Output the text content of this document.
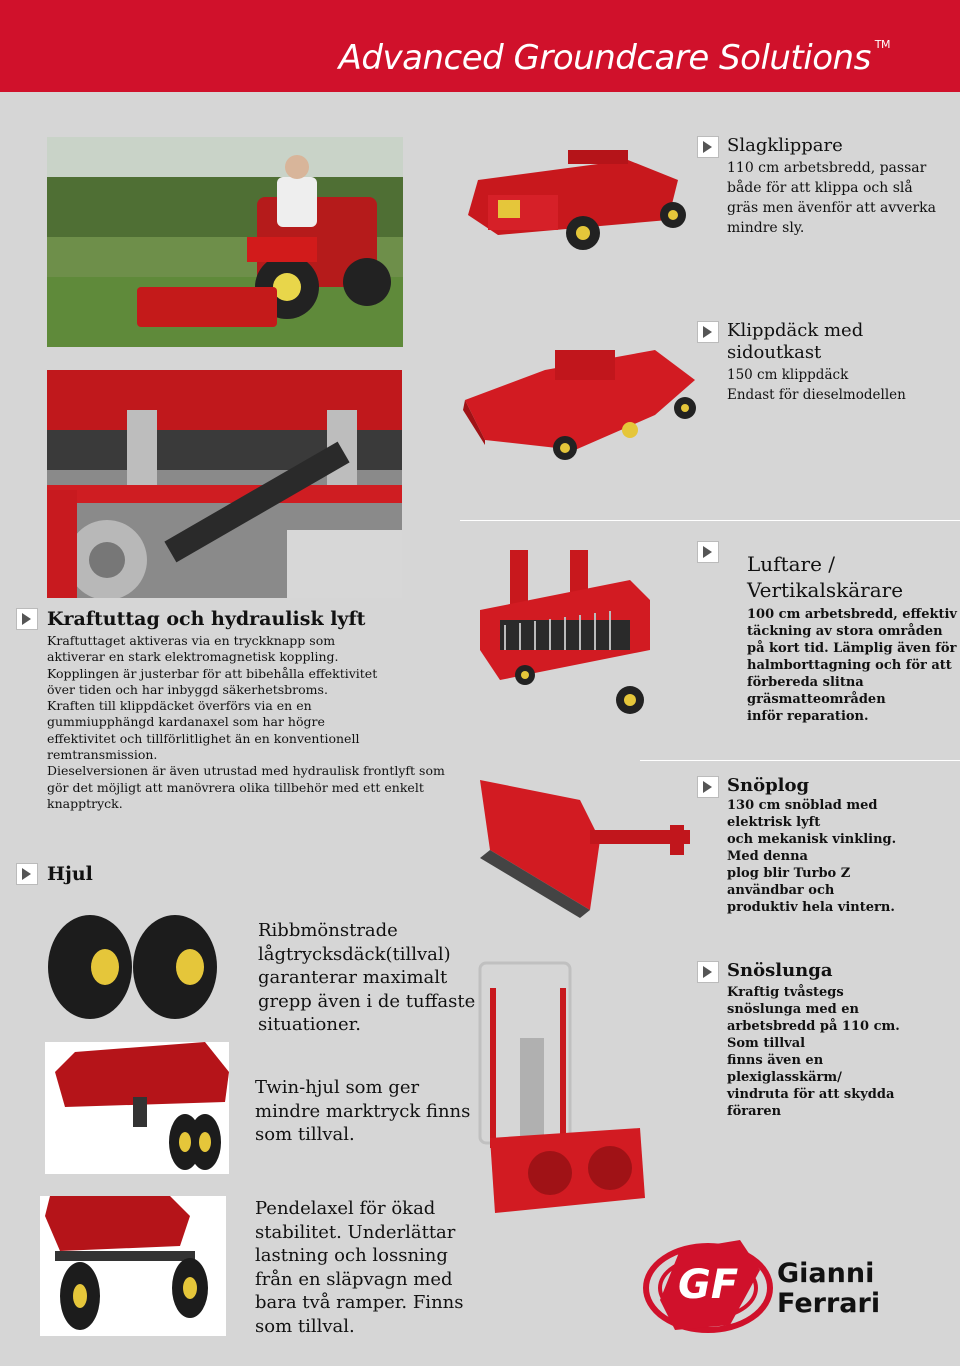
Advanced Groundcare Solutions ™
Slagklippare

110 cm arbetsbredd, passar
både för att klippa och slå
gräs men ävenför att avverka
mindre sly.

Klippdäck med
sidoutkast

150 cm klippdäck
Endast för dieselmodellen

Kraftuttag och hydraulisk lyft

Kraftuttaget aktiveras via en tryckknapp som
aktiverar en stark elektromagnetisk koppling.
Kopplingen är justerbar för att bibehålla effektivitet
över tiden och har inbyggd säkerhetsbroms.
Kraften till klippdäcket överförs via en en
gummiupphängd kardanaxel som har högre
effektivitet och tillförlitlighet än en konventionell
remtransmission.
Dieselversionen är även utrustad med hydraulisk frontlyft som
gör det möjligt att manövrera olika tillbehör med ett enkelt
knapptryck.

Luftare /
Vertikalskärare

100 cm arbetsbredd, effektiv
täckning av stora områden
på kort tid. Lämplig även för
halmborttagning och för att
förbereda slitna
gräsmatteområden
inför reparation.

Snöplog

130 cm snöblad med
elektrisk lyft
och mekanisk vinkling.
Med denna
plog blir Turbo Z
användbar och
produktiv hela vintern.

Hjul

Ribbmönstrade
lågtrycksdäck(tillval)
garanterar maximalt
grepp även i de tuffaste
situationer.

Twin-hjul som ger
mindre marktryck finns
som tillval.

Pendelaxel för ökad
stabilitet. Underlättar
lastning och lossning
från en släpvagn med
bara två ramper. Finns
som tillval.

Snöslunga

Kraftig tvåstegs
snöslunga med en
arbetsbredd på 110 cm.
Som tillval
finns även en
plexiglasskärm/
vindruta för att skydda
föraren

GF Gianni
Ferrari
